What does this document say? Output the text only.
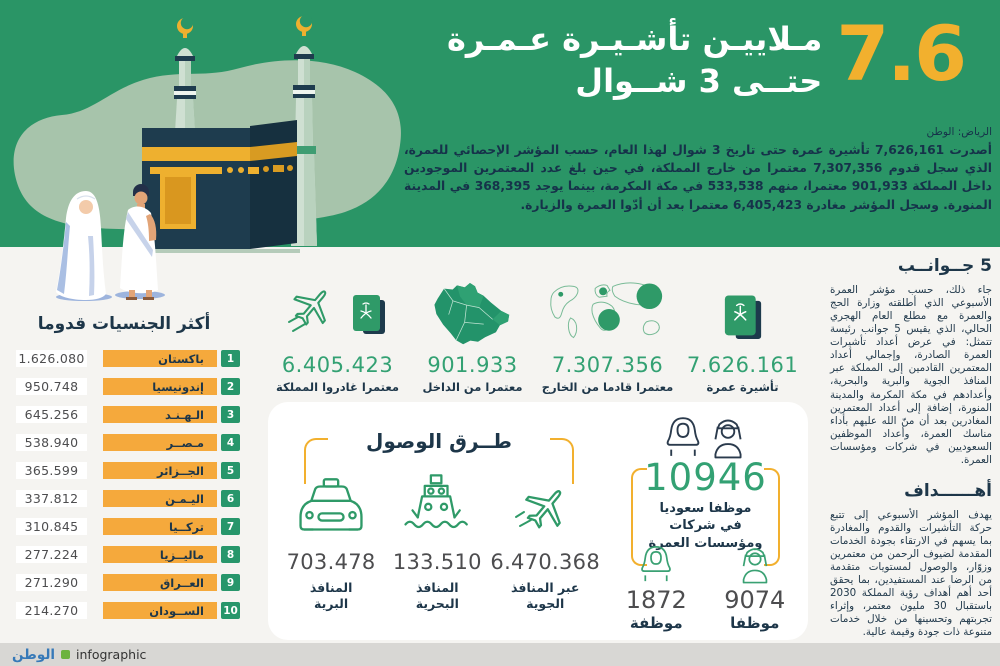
7.6
مـلاييـن تأشـيـرة عـمـرة
حتــى 3 شــوال
الرياض: الوطن

أصدرت 7,626,161 تأشيرة عمرة حتى تاريخ 3 شوال لهذا العام، حسب المؤشر الإحصائي للعمرة، الذي سجل قدوم 7,307,356 معتمرا من خارج المملكة، في حين بلغ عدد المعتمرين الموجودين داخل المملكة 901,933 معتمرا، منهم 533,538 في مكة المكرمة، بينما يوجد 368,395 في المدينة المنورة. وسجل المؤشر مغادرة 6,405,423 معتمرا بعد أن أدّوا العمرة والزيارة.

5 جــوانــب

جاء ذلك، حسب مؤشر العمرة الأسبوعي الذي أطلقته وزارة الحج والعمرة مع مطلع العام الهجري الحالي، الذي يقيس 5 جوانب رئيسة تتمثل: في عرض أعداد تأشيرات العمرة الصادرة، وإجمالي أعداد المعتمرين القادمين إلى المملكة عبر المنافذ الجوية والبرية والبحرية، وأعدادهم في مكة المكرمة والمدينة المنورة، إضافة إلى أعداد المعتمرين المغادرين بعد أن منّ الله عليهم بأداء مناسك العمرة، وأعداد الموظفين السعوديين في شركات ومؤسسات العمرة.

أهــــــداف

يهدف المؤشر الأسبوعي إلى تتبع حركة التأشيرات والقدوم والمغادرة بما يسهم في الارتقاء بجودة الخدمات المقدمة لضيوف الرحمن من معتمرين وزوّار، والوصول لمستويات متقدمة من الرضا عند المستفيدين، بما يحقق أحد أهم أهداف رؤية المملكة 2030 باستقبال 30 مليون معتمر، وإثراء تجربتهم وتحسينها من خلال خدمات متنوعة ذات جودة وقيمة عالية.

7.626.161
تأشيرة عمرة
7.307.356
معتمرا قادما من الخارج
901.933
معتمرا من الداخل
6.405.423
معتمرا غادروا المملكة
أكثر الجنسيات قدوما
1
باكستان
1.626.080
2
إندونيسيا
950.748
3
الـهـنـد
645.256
4
مـصــر
538.940
5
الجــزائر
365.599
6
اليـمـن
337.812
7
تركــيا
310.845
8
ماليــزيا
277.224
9
العــراق
271.290
10
الســودان
214.270
طــرق الوصول
6.470.368
عبر المنافذ الجوية
133.510
المنافذ البحرية
703.478
المنافذ البرية
10946
موظفا سعوديا
في شركات
ومؤسسات العمرة
9074
موظفا
1872
موظفة
الوطن infographic
